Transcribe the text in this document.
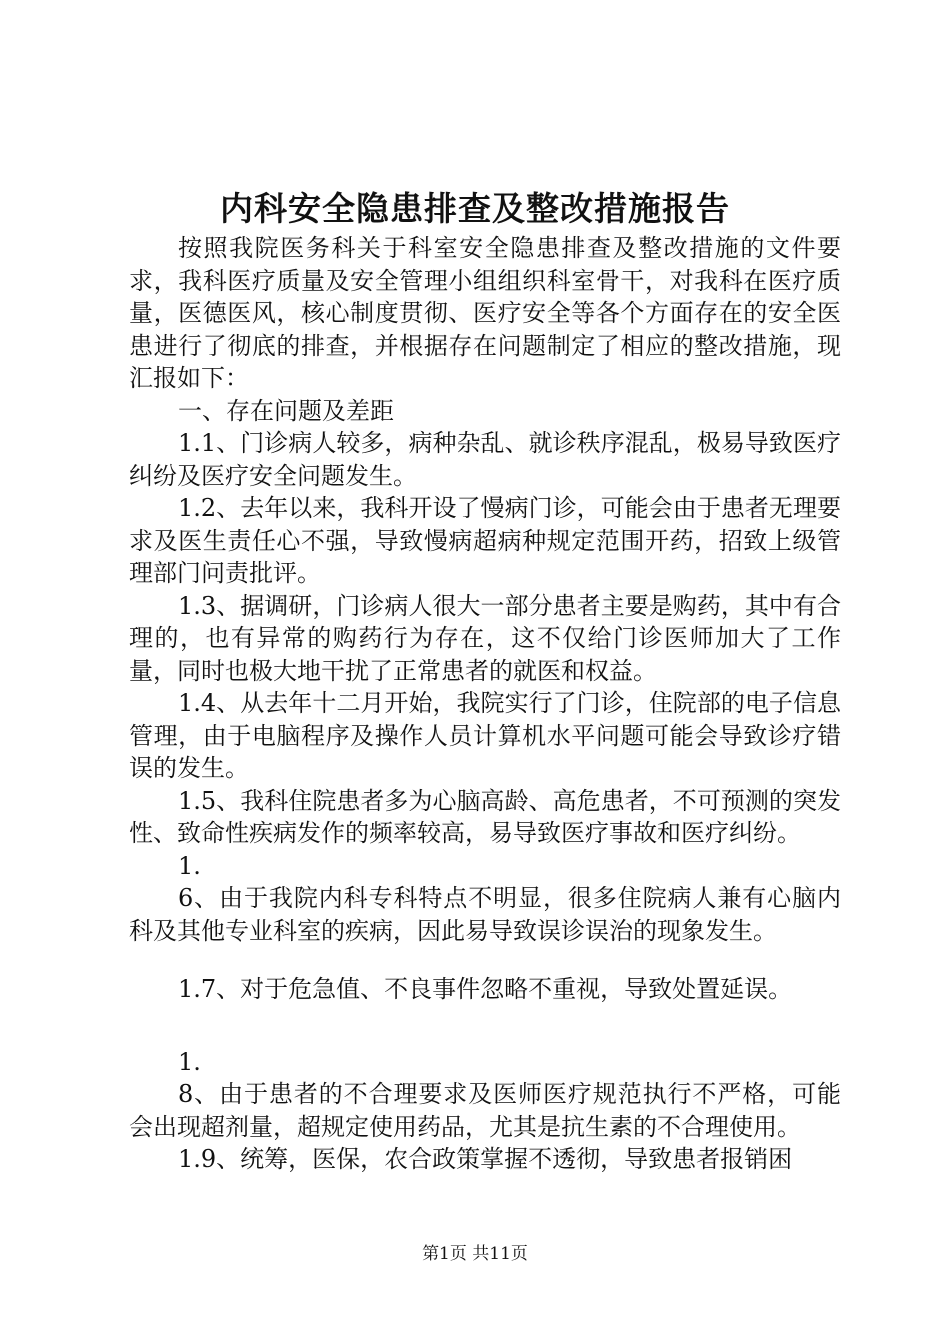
内科安全隐患排查及整改措施报告

按照我院医务科关于科室安全隐患排查及整改措施的文件要求，我科医疗质量及安全管理小组组织科室骨干，对我科在医疗质量，医德医风，核心制度贯彻、医疗安全等各个方面存在的安全医患进行了彻底的排查，并根据存在问题制定了相应的整改措施，现汇报如下：

一、存在问题及差距

1.1、门诊病人较多，病种杂乱、就诊秩序混乱，极易导致医疗纠纷及医疗安全问题发生。

1.2、去年以来，我科开设了慢病门诊，可能会由于患者无理要求及医生责任心不强，导致慢病超病种规定范围开药，招致上级管理部门问责批评。

1.3、据调研，门诊病人很大一部分患者主要是购药，其中有合理的，也有异常的购药行为存在，这不仅给门诊医师加大了工作量，同时也极大地干扰了正常患者的就医和权益。

1.4、从去年十二月开始，我院实行了门诊，住院部的电子信息管理，由于电脑程序及操作人员计算机水平问题可能会导致诊疗错误的发生。

1.5、我科住院患者多为心脑高龄、高危患者，不可预测的突发性、致命性疾病发作的频率较高，易导致医疗事故和医疗纠纷。

1.

6、由于我院内科专科特点不明显，很多住院病人兼有心脑内科及其他专业科室的疾病，因此易导致误诊误治的现象发生。

1.7、对于危急值、不良事件忽略不重视，导致处置延误。

1.

8、由于患者的不合理要求及医师医疗规范执行不严格，可能会出现超剂量，超规定使用药品，尤其是抗生素的不合理使用。

1.9、统筹，医保，农合政策掌握不透彻，导致患者报销困

第1页 共11页
